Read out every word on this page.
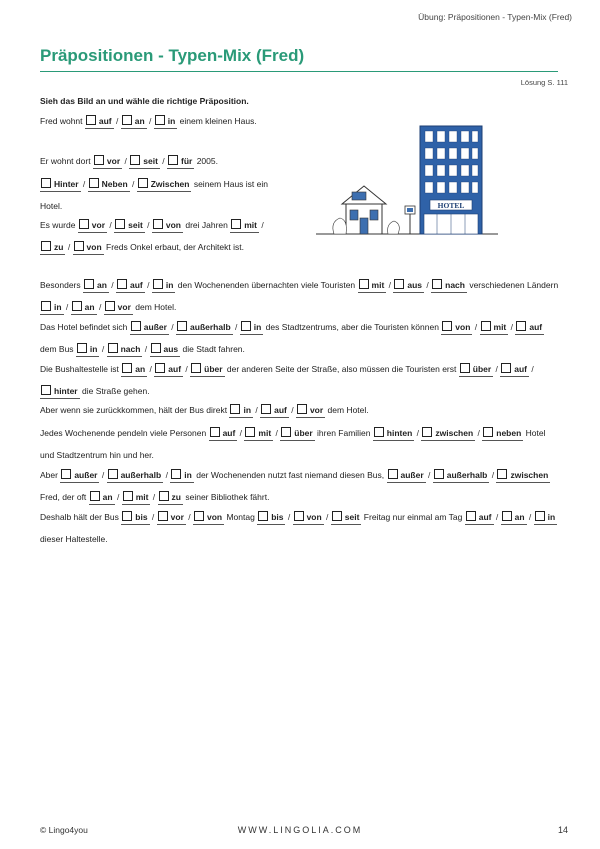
Übung: Präpositionen - Typen-Mix (Fred)
Präpositionen - Typen-Mix (Fred)
Lösung S. 111
Sieh das Bild an und wähle die richtige Präposition.
Fred wohnt auf / an / in einem kleinen Haus.
Er wohnt dort vor / seit / für 2005.
Hinter / Neben / Zwischen seinem Haus ist ein Hotel.
Es wurde vor / seit / von drei Jahren mit / zu / von Freds Onkel erbaut, der Architekt ist.
Besonders an / auf / in den Wochenenden übernachten viele Touristen mit / aus / nach verschiedenen Ländern in / an / vor dem Hotel.
Das Hotel befindet sich außer / außerhalb / in des Stadtzentrums, aber die Touristen können von / mit / auf dem Bus in / nach / aus die Stadt fahren.
Die Bushaltestelle ist an / auf / über der anderen Seite der Straße, also müssen die Touristen erst über / auf / hinter die Straße gehen.
Aber wenn sie zurückkommen, hält der Bus direkt in / auf / vor dem Hotel.
Jedes Wochenende pendeln viele Personen auf / mit / über ihren Familien hinten / zwischen / neben Hotel und Stadtzentrum hin und her.
Aber außer / außerhalb / in der Wochenenden nutzt fast niemand diesen Bus, außer / außerhalb / zwischen Fred, der oft an / mit / zu seiner Bibliothek fährt.
Deshalb hält der Bus bis / vor / von Montag bis / von / seit Freitag nur einmal am Tag auf / an / in dieser Haltestelle.
HOTEL
© Lingo4you	WWW.LINGOLIA.COM	14
